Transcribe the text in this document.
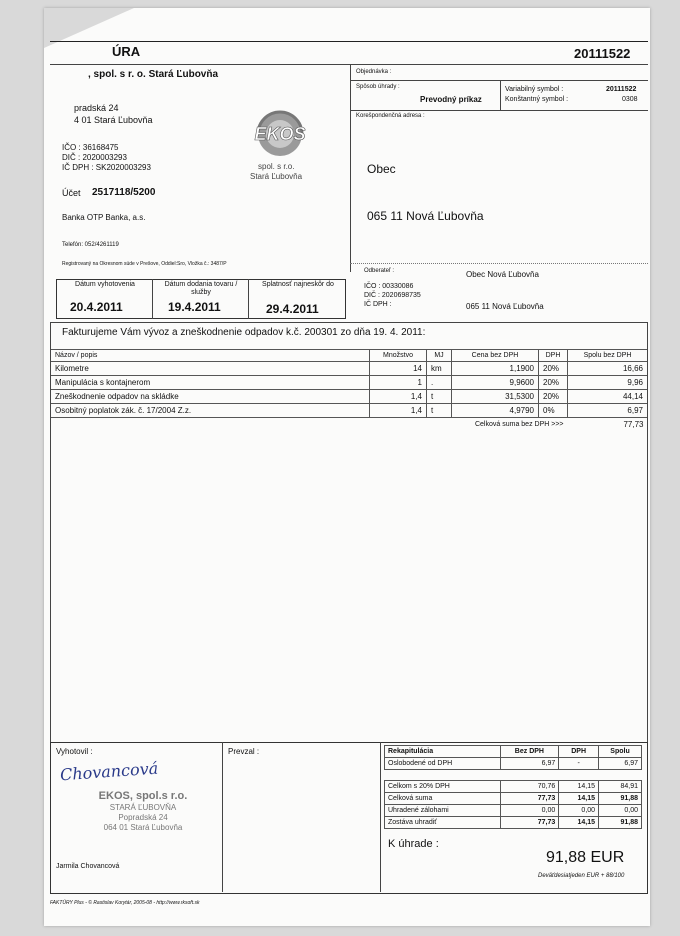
ÚRA	20111522
, spol. s r. o. Stará Ľubovňa
pradská 24
4 01 Stará Ľubovňa
IČO : 36168475
DIČ : 2020003293
IČ DPH : SK2020003293
Účet 2517118/5200
Banka OTP Banka, a.s.
Telefón: 052/4261119
Registrovaný na Okresnom súde v Prešove, Oddiel:Sro, Vložka č.: 3487/P
EKOS
spol. s r.o.
Stará Ľubovňa
Objednávka :
Spôsob úhrady :
Prevodný príkaz
Variabilný symbol :	20111522
Konštantný symbol :	0308
Korešpondenčná adresa :
Obec
065 11 Nová Ľubovňa
Odberateľ :	Obec Nová Ľubovňa
IČO : 00330086
DIČ : 2020698735
IČ DPH :	065 11 Nová Ľubovňa
Dátum vyhotovenia
20.4.2011
Dátum dodania tovaru / služby
19.4.2011
Splatnosť najneskôr do
29.4.2011
Fakturujeme Vám vývoz a zneškodnenie odpadov k.č. 200301 zo dňa 19. 4. 2011:
Názov / popis	Množstvo	MJ	Cena bez DPH	DPH	Spolu bez DPH
Kilometre	14	km	1,1900	20%	16,66
Manipulácia s kontajnerom	1	.	9,9600	20%	9,96
Zneškodnenie odpadov na skládke	1,4	t	31,5300	20%	44,14
Osobitný poplatok zák. č. 17/2004 Z.z.	1,4	t	4,9790	0%	6,97
Celková suma bez DPH >>>					77,73
Vyhotovil :	Prevzal :
Chovancová
EKOS, spol.s r.o.
STARÁ ĽUBOVŇA
Popradská 24
064 01 Stará Ľubovňa
Jarmila Chovancová
Rekapitulácia	Bez DPH	DPH	Spolu
Oslobodené od DPH	6,97	-	6,97

Celkom s 20% DPH	70,76	14,15	84,91
Celková suma	77,73	14,15	91,88
Uhradené zálohami	0,00	0,00	0,00
Zostáva uhradiť	77,73	14,15	91,88
K úhrade :
91,88 EUR
Deväťdesiatjeden EUR + 88/100
FAKTÚRY Plus - © Rastislav Korytár, 2005-08 - http://www.rksoft.sk
